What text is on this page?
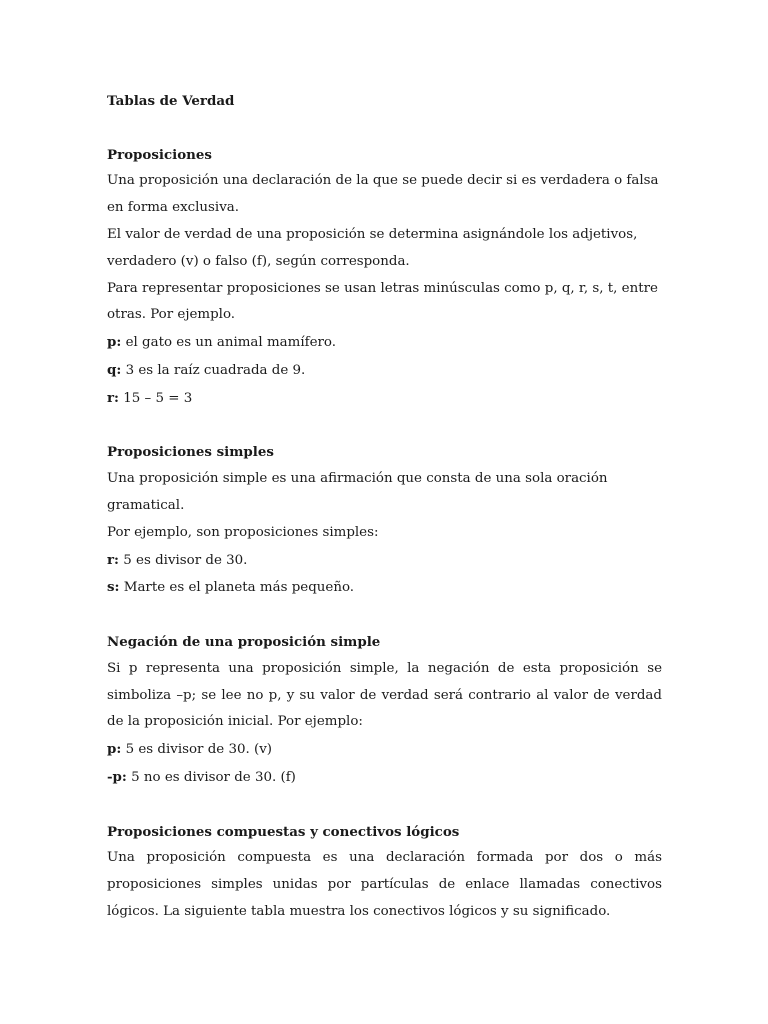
Tablas de Verdad

Proposiciones

Una proposición una declaración de la que se puede decir si es verdadera o falsa en forma exclusiva.

El valor de verdad de una proposición se determina asignándole los adjetivos, verdadero (v) o falso (f), según corresponda.

Para representar proposiciones se usan letras minúsculas como p, q, r, s, t, entre otras. Por ejemplo.

p: el gato es un animal mamífero.

q: 3 es la raíz cuadrada de 9.

r: 15 – 5 = 3

Proposiciones simples

Una proposición simple es una afirmación que consta de una sola oración gramatical.

Por ejemplo, son proposiciones simples:

r: 5 es divisor de 30.

s: Marte es el planeta más pequeño.

Negación de una proposición simple

Si p representa una proposición simple, la negación de esta proposición se simboliza –p; se lee no p, y su valor de verdad será contrario al valor de verdad de la proposición inicial. Por ejemplo:

p: 5 es divisor de 30. (v)

-p: 5 no es divisor de 30. (f)

Proposiciones compuestas y conectivos lógicos

Una proposición compuesta es una declaración formada por dos o más proposiciones simples unidas por partículas de enlace llamadas conectivos lógicos. La siguiente tabla muestra los conectivos lógicos y su significado.
